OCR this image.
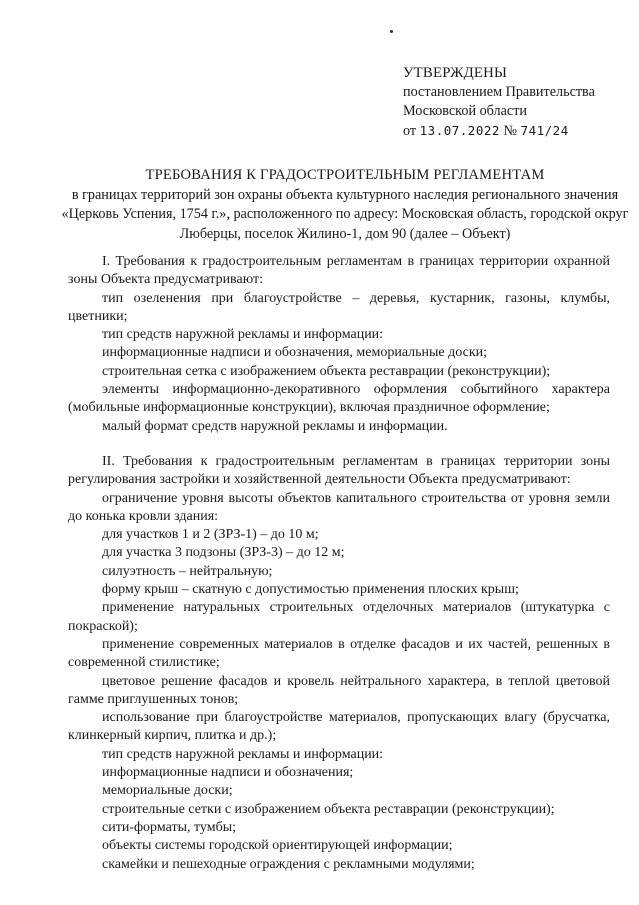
УТВЕРЖДЕНЫ
постановлением Правительства
Московской области
от 13.07.2022 № 741/24
ТРЕБОВАНИЯ К ГРАДОСТРОИТЕЛЬНЫМ РЕГЛАМЕНТАМ
в границах территорий зон охраны объекта культурного наследия регионального значения «Церковь Успения, 1754 г.», расположенного по адресу: Московская область, городской округ Люберцы, поселок Жилино-1, дом 90 (далее – Объект)

I. Требования к градостроительным регламентам в границах территории охранной зоны Объекта предусматривают:

тип озеленения при благоустройстве – деревья, кустарник, газоны, клумбы, цветники;

тип средств наружной рекламы и информации:

информационные надписи и обозначения, мемориальные доски;

строительная сетка с изображением объекта реставрации (реконструкции);

элементы информационно-декоративного оформления событийного характера (мобильные информационные конструкции), включая праздничное оформление;

малый формат средств наружной рекламы и информации.

II. Требования к градостроительным регламентам в границах территории зоны регулирования застройки и хозяйственной деятельности Объекта предусматривают:

ограничение уровня высоты объектов капитального строительства от уровня земли до конька кровли здания:

для участков 1 и 2 (ЗРЗ-1) – до 10 м;

для участка 3 подзоны (ЗРЗ-3) – до 12 м;

силуэтность – нейтральную;

форму крыш – скатную с допустимостью применения плоских крыш;

применение натуральных строительных отделочных материалов (штукатурка с покраской);

применение современных материалов в отделке фасадов и их частей, решенных в современной стилистике;

цветовое решение фасадов и кровель нейтрального характера, в теплой цветовой гамме приглушенных тонов;

использование при благоустройстве материалов, пропускающих влагу (брусчатка, клинкерный кирпич, плитка и др.);

тип средств наружной рекламы и информации:

информационные надписи и обозначения;

мемориальные доски;

строительные сетки с изображением объекта реставрации (реконструкции);

сити-форматы, тумбы;

объекты системы городской ориентирующей информации;

скамейки и пешеходные ограждения с рекламными модулями;
